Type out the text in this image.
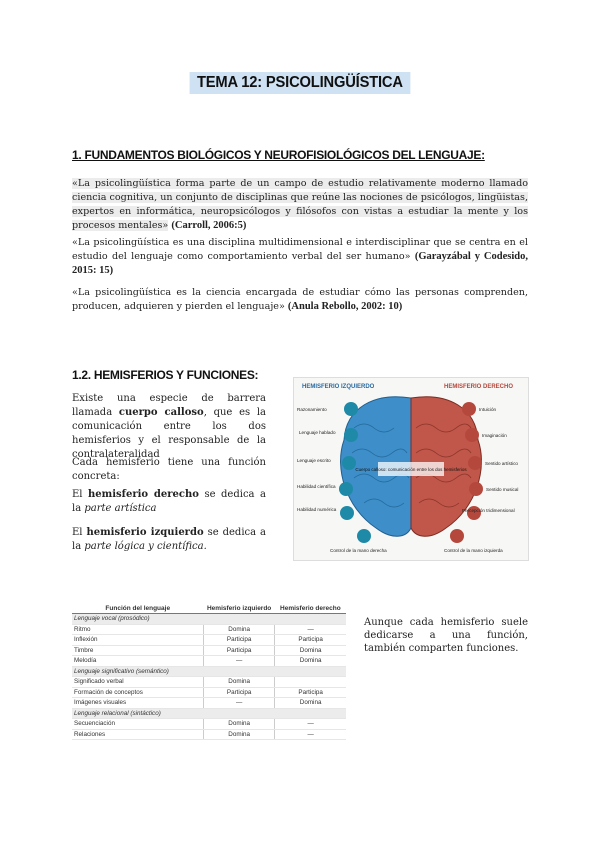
TEMA 12: PSICOLINGÜÍSTICA
1. FUNDAMENTOS BIOLÓGICOS Y NEUROFISIOLÓGICOS DEL LENGUAJE:
«La psicolingüística forma parte de un campo de estudio relativamente moderno llamado ciencia cognitiva, un conjunto de disciplinas que reúne las nociones de psicólogos, lingüistas, expertos en informática, neuropsicólogos y filósofos con vistas a estudiar la mente y los procesos mentales» (Carroll, 2006:5)
«La psicolingüística es una disciplina multidimensional e interdisciplinar que se centra en el estudio del lenguaje como comportamiento verbal del ser humano» (Garayzábal y Codesido, 2015: 15)
«La psicolingüística es la ciencia encargada de estudiar cómo las personas comprenden, producen, adquieren y pierden el lenguaje» (Anula Rebollo, 2002: 10)
1.2. HEMISFERIOS Y FUNCIONES:

Existe una especie de barrera llamada cuerpo calloso, que es la comunicación entre los dos hemisferios y el responsable de la contralateralidad

Cada hemisferio tiene una función concreta:

El hemisferio derecho se dedica a la parte artística

El hemisferio izquierdo se dedica a la parte lógica y científica.

HEMISFERIO IZQUIERDO	HEMISFERIO DERECHO
Razonamiento
Lenguaje hablado
Lenguaje escrito
Habilidad científica
Habilidad numérica
Control de la mano derecha
Intuición
Imaginación
Sentido artístico
Sentido musical
Percepción tridimensional
Control de la mano izquierda
Cuerpo calloso: comunicación entre los dos hemisferios
Función del lenguaje	Hemisferio izquierdo	Hemisferio derecho
Lenguaje vocal (prosódico)		
Ritmo	Domina	—
Inflexión	Participa	Participa
Timbre	Participa	Domina
Melodía	—	Domina
Lenguaje significativo (semántico)		
Significado verbal	Domina	
Formación de conceptos	Participa	Participa
Imágenes visuales	—	Domina
Lenguaje relacional (sintáctico)		
Secuenciación	Domina	—
Relaciones	Domina	—
Aunque cada hemisferio suele dedicarse a una función, también comparten funciones.
